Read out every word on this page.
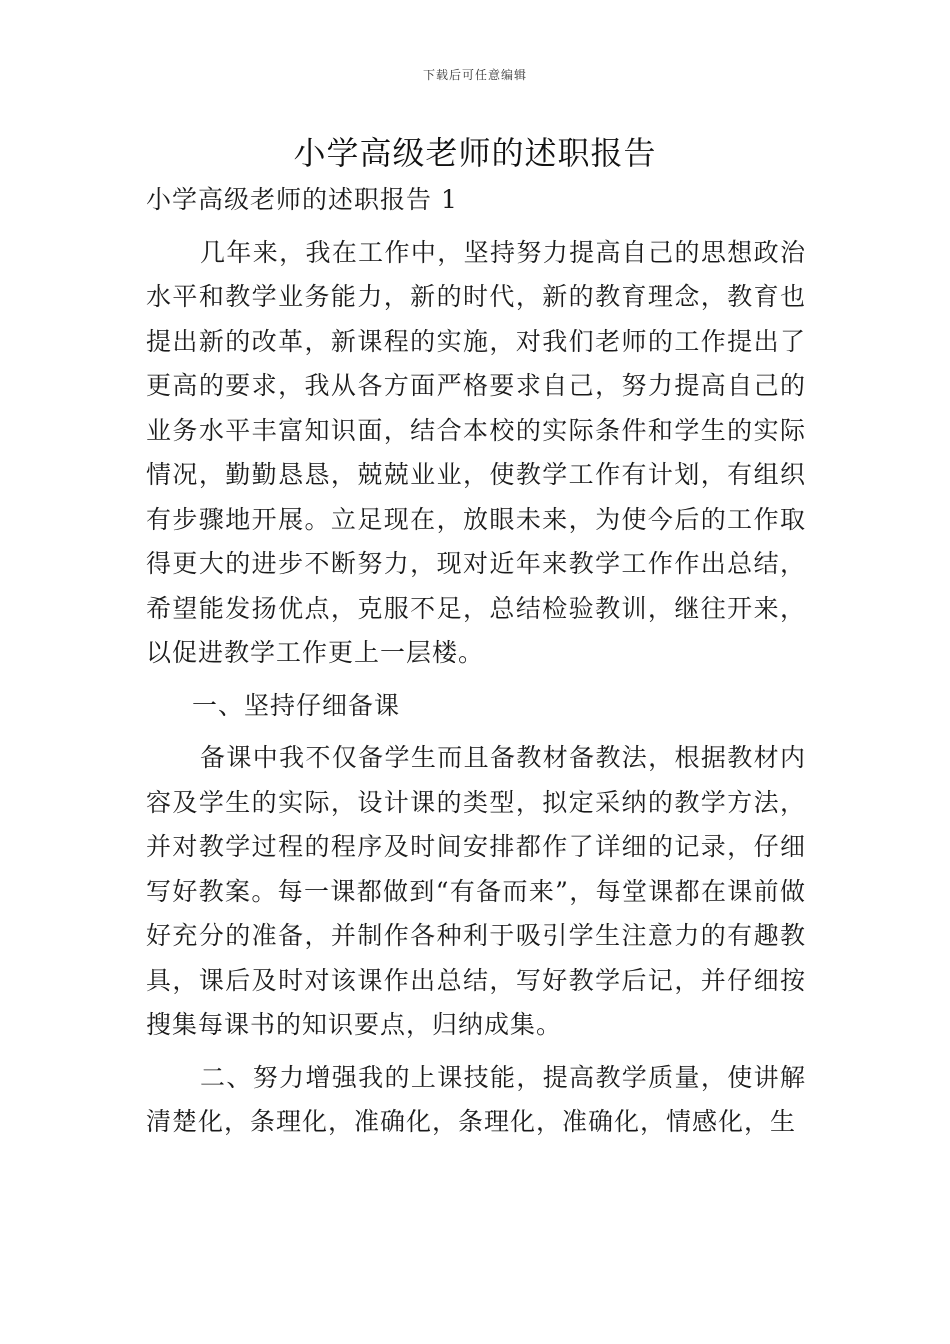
下载后可任意编辑
小学高级老师的述职报告

小学高级老师的述职报告 1

几年来，我在工作中，坚持努力提高自己的思想政治水平和教学业务能力，新的时代，新的教育理念，教育也提出新的改革，新课程的实施，对我们老师的工作提出了更高的要求，我从各方面严格要求自己，努力提高自己的业务水平丰富知识面，结合本校的实际条件和学生的实际情况，勤勤恳恳，兢兢业业，使教学工作有计划，有组织有步骤地开展。立足现在，放眼未来，为使今后的工作取得更大的进步不断努力，现对近年来教学工作作出总结，希望能发扬优点，克服不足，总结检验教训，继往开来，以促进教学工作更上一层楼。

一、坚持仔细备课

备课中我不仅备学生而且备教材备教法，根据教材内容及学生的实际，设计课的类型，拟定采纳的教学方法，并对教学过程的程序及时间安排都作了详细的记录，仔细写好教案。每一课都做到“有备而来”，每堂课都在课前做好充分的准备，并制作各种利于吸引学生注意力的有趣教具，课后及时对该课作出总结，写好教学后记，并仔细按搜集每课书的知识要点，归纳成集。

二、努力增强我的上课技能，提高教学质量，使讲解清楚化，条理化，准确化，条理化，准确化，情感化，生
